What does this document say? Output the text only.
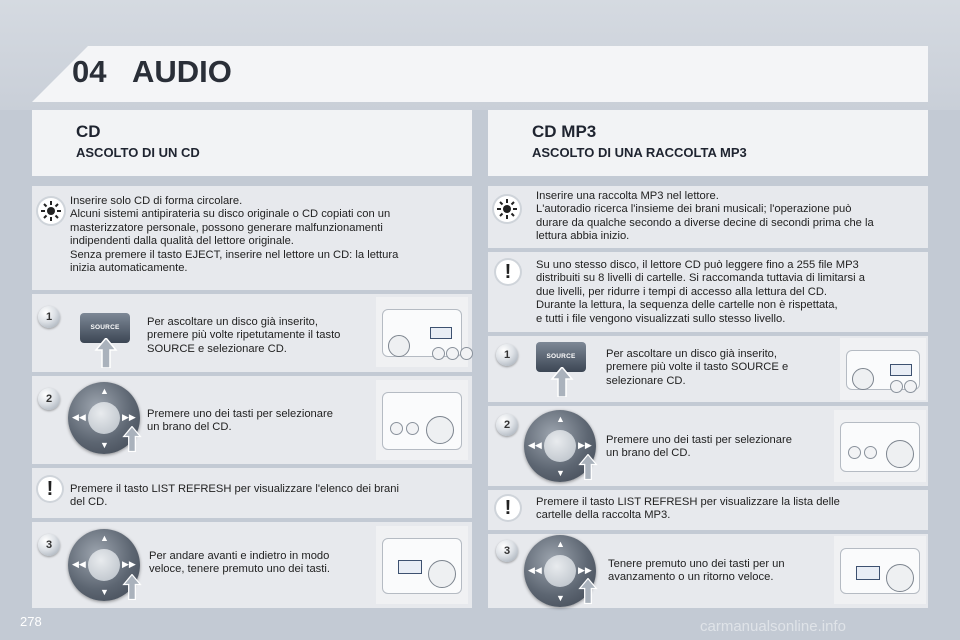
04 AUDIO
CD
ASCOLTO DI UN CD
Inserire solo CD di forma circolare.
Alcuni sistemi antipirateria su disco originale o CD copiati con un
masterizzatore personale, possono generare malfunzionamenti
indipendenti dalla qualità del lettore originale.
Senza premere il tasto EJECT, inserire nel lettore un CD: la lettura
inizia automaticamente.
1
SOURCE	Per ascoltare un disco già inserito,
premere più volte ripetutamente il tasto
SOURCE e selezionare CD.
2
▲
▼
◀◀	▶▶ Premere uno dei tasti per selezionare
un brano del CD.
!	Premere il tasto LIST REFRESH per visualizzare l'elenco dei brani
del CD.
3
▲
▼
◀◀	▶▶
Per andare avanti e indietro in modo
veloce, tenere premuto uno dei tasti.
CD MP3
ASCOLTO DI UNA RACCOLTA MP3
Inserire una raccolta MP3 nel lettore.
L'autoradio ricerca l'insieme dei brani musicali; l'operazione può
durare da qualche secondo a diverse decine di secondi prima che la
lettura abbia inizio.
!	Su uno stesso disco, il lettore CD può leggere fino a 255 file MP3
distribuiti su 8 livelli di cartelle. Si raccomanda tuttavia di limitarsi a
due livelli, per ridurre i tempi di accesso alla lettura del CD.
Durante la lettura, la sequenza delle cartelle non è rispettata,
e tutti i file vengono visualizzati sullo stesso livello.
1	SOURCE	Per ascoltare un disco già inserito,
premere più volte il tasto SOURCE e
selezionare CD.
2	▲
▼
◀◀	▶▶ Premere uno dei tasti per selezionare
un brano del CD.
!	Premere il tasto LIST REFRESH per visualizzare la lista delle
cartelle della raccolta MP3.
3
▲
▼
◀◀	▶▶ Tenere premuto uno dei tasti per un
avanzamento o un ritorno veloce.
278	carmanualsonline.info
